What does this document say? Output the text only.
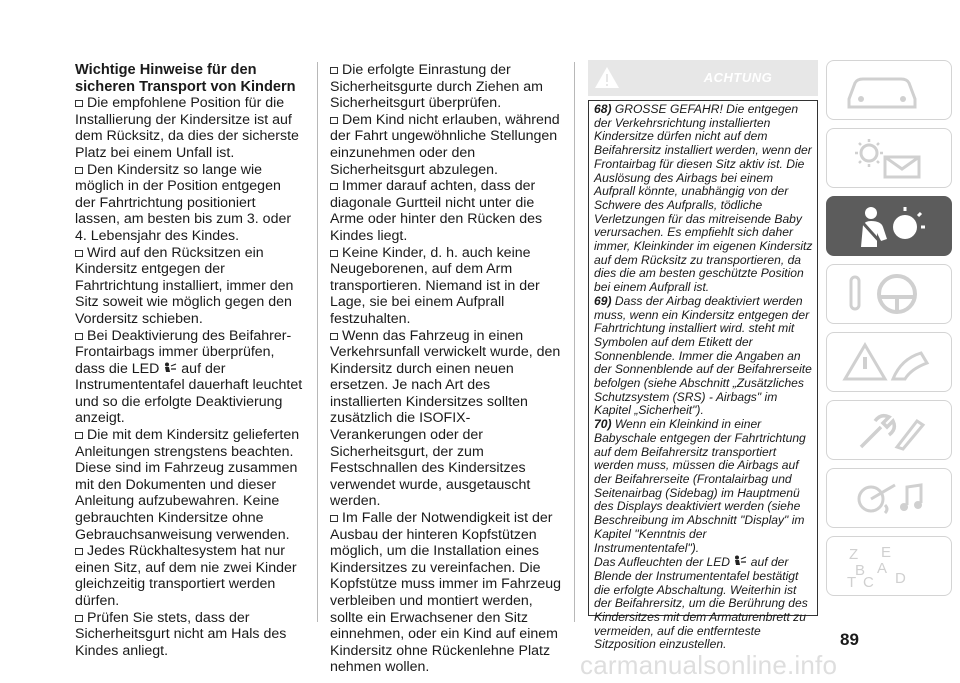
Wichtige Hinweise für den sicheren Transport von Kindern

Die empfohlene Position für die Installierung der Kindersitze ist auf dem Rücksitz, da dies der sicherste Platz bei einem Unfall ist.

Den Kindersitz so lange wie möglich in der Position entgegen der Fahrtrichtung positioniert lassen, am besten bis zum 3. oder 4. Lebensjahr des Kindes.

Wird auf den Rücksitzen ein Kindersitz entgegen der Fahrtrichtung installiert, immer den Sitz soweit wie möglich gegen den Vordersitz schieben.

Bei Deaktivierung des Beifahrer-Frontairbags immer überprüfen, dass die LED auf der Instrumententafel dauerhaft leuchtet und so die erfolgte Deaktivierung anzeigt.

Die mit dem Kindersitz gelieferten Anleitungen strengstens beachten. Diese sind im Fahrzeug zusammen mit den Dokumenten und dieser Anleitung aufzubewahren. Keine gebrauchten Kindersitze ohne Gebrauchsanweisung verwenden.

Jedes Rückhaltesystem hat nur einen Sitz, auf dem nie zwei Kinder gleichzeitig transportiert werden dürfen.

Prüfen Sie stets, dass der Sicherheitsgurt nicht am Hals des Kindes anliegt.

Die erfolgte Einrastung der Sicherheitsgurte durch Ziehen am Sicherheitsgurt überprüfen.

Dem Kind nicht erlauben, während der Fahrt ungewöhnliche Stellungen einzunehmen oder den Sicherheitsgurt abzulegen.

Immer darauf achten, dass der diagonale Gurtteil nicht unter die Arme oder hinter den Rücken des Kindes liegt.

Keine Kinder, d. h. auch keine Neugeborenen, auf dem Arm transportieren. Niemand ist in der Lage, sie bei einem Aufprall festzuhalten.

Wenn das Fahrzeug in einen Verkehrsunfall verwickelt wurde, den Kindersitz durch einen neuen ersetzen. Je nach Art des installierten Kindersitzes sollten zusätzlich die ISOFIX-Verankerungen oder der Sicherheitsgurt, der zum Festschnallen des Kindersitzes verwendet wurde, ausgetauscht werden.

Im Falle der Notwendigkeit ist der Ausbau der hinteren Kopfstützen möglich, um die Installation eines Kindersitzes zu vereinfachen. Die Kopfstütze muss immer im Fahrzeug verbleiben und montiert werden, sollte ein Erwachsener den Sitz einnehmen, oder ein Kind auf einem Kindersitz ohne Rückenlehne Platz nehmen wollen.

ACHTUNG

68) GROSSE GEFAHR! Die entgegen der Verkehrsrichtung installierten Kindersitze dürfen nicht auf dem Beifahrersitz installiert werden, wenn der Frontairbag für diesen Sitz aktiv ist. Die Auslösung des Airbags bei einem Aufprall könnte, unabhängig von der Schwere des Aufpralls, tödliche Verletzungen für das mitreisende Baby verursachen. Es empfiehlt sich daher immer, Kleinkinder im eigenen Kindersitz auf dem Rücksitz zu transportieren, da dies die am besten geschützte Position bei einem Aufprall ist.

69) Dass der Airbag deaktiviert werden muss, wenn ein Kindersitz entgegen der Fahrtrichtung installiert wird. steht mit Symbolen auf dem Etikett der Sonnenblende. Immer die Angaben an der Sonnenblende auf der Beifahrerseite befolgen (siehe Abschnitt „Zusätzliches Schutzsystem (SRS) - Airbags" im Kapitel „Sicherheit").

70) Wenn ein Kleinkind in einer Babyschale entgegen der Fahrtrichtung auf dem Beifahrersitz transportiert werden muss, müssen die Airbags auf der Beifahrerseite (Frontalairbag und Seitenairbag (Sidebag) im Hauptmenü des Displays deaktiviert werden (siehe Beschreibung im Abschnitt "Display" im Kapitel "Kenntnis der Instrumententafel").

Das Aufleuchten der LED auf der Blende der Instrumententafel bestätigt die erfolgte Abschaltung. Weiterhin ist der Beifahrersitz, um die Berührung des Kindersitzes mit dem Armaturenbrett zu vermeiden, auf die entfernteste Sitzposition einzustellen.

Z E
B A
C D
T
89
carmanualsonline.info
